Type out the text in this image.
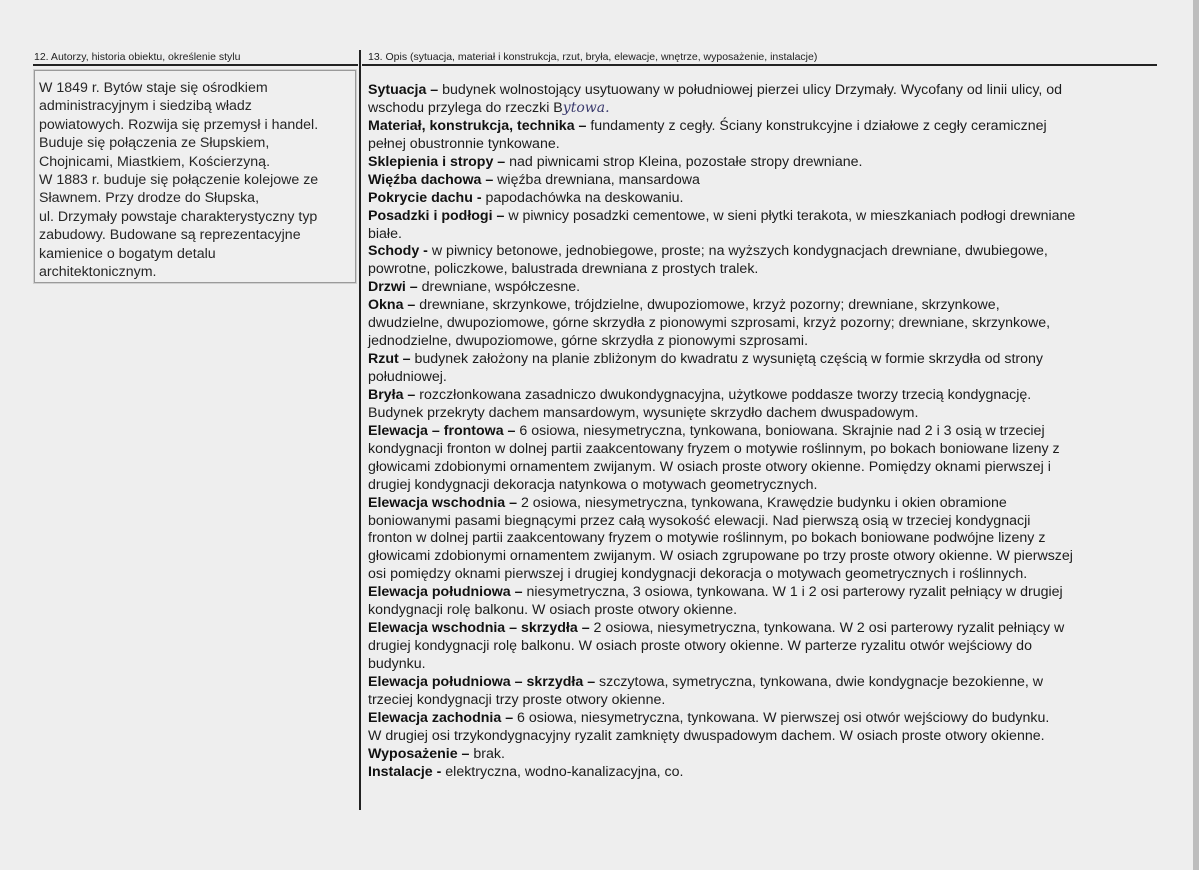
12. Autorzy, historia obiektu, określenie stylu	13. Opis (sytuacja, materiał i konstrukcja, rzut, bryła, elewacje, wnętrze, wyposażenie, instalacje)
W 1849 r. Bytów staje się ośrodkiem
administracyjnym i siedzibą władz
powiatowych. Rozwija się przemysł i handel.
Buduje się połączenia ze Słupskiem,
Chojnicami, Miastkiem, Kościerzyną.
W 1883 r. buduje się połączenie kolejowe ze
Sławnem. Przy drodze do Słupska,
ul. Drzymały powstaje charakterystyczny typ
zabudowy. Budowane są reprezentacyjne
kamienice o bogatym detalu
architektonicznym.
Sytuacja – budynek wolnostojący usytuowany w południowej pierzei ulicy Drzymały. Wycofany od linii ulicy, od
wschodu przylega do rzeczki Bytowa.
Materiał, konstrukcja, technika – fundamenty z cegły. Ściany konstrukcyjne i działowe z cegły ceramicznej
pełnej obustronnie tynkowane.
Sklepienia i stropy – nad piwnicami strop Kleina, pozostałe stropy drewniane.
Więźba dachowa – więźba drewniana, mansardowa
Pokrycie dachu - papodachówka na deskowaniu.
Posadzki i podłogi – w piwnicy posadzki cementowe, w sieni płytki terakota, w mieszkaniach podłogi drewniane
białe.
Schody - w piwnicy betonowe, jednobiegowe, proste; na wyższych kondygnacjach drewniane, dwubiegowe,
powrotne, policzkowe, balustrada drewniana z prostych tralek.
Drzwi – drewniane, współczesne.
Okna – drewniane, skrzynkowe, trójdzielne, dwupoziomowe, krzyż pozorny; drewniane, skrzynkowe,
dwudzielne, dwupoziomowe, górne skrzydła z pionowymi szprosami, krzyż pozorny; drewniane, skrzynkowe,
jednodzielne, dwupoziomowe, górne skrzydła z pionowymi szprosami.
Rzut – budynek założony na planie zbliżonym do kwadratu z wysuniętą częścią w formie skrzydła od strony
południowej.
Bryła – rozczłonkowana zasadniczo dwukondygnacyjna, użytkowe poddasze tworzy trzecią kondygnację.
Budynek przekryty dachem mansardowym, wysunięte skrzydło dachem dwuspadowym.
Elewacja – frontowa – 6 osiowa, niesymetryczna, tynkowana, boniowana. Skrajnie nad 2 i 3 osią w trzeciej
kondygnacji fronton w dolnej partii zaakcentowany fryzem o motywie roślinnym, po bokach boniowane lizeny z
głowicami zdobionymi ornamentem zwijanym. W osiach proste otwory okienne. Pomiędzy oknami pierwszej i
drugiej kondygnacji dekoracja natynkowa o motywach geometrycznych.
Elewacja wschodnia – 2 osiowa, niesymetryczna, tynkowana, Krawędzie budynku i okien obramione
boniowanymi pasami biegnącymi przez całą wysokość elewacji. Nad pierwszą osią w trzeciej kondygnacji
fronton w dolnej partii zaakcentowany fryzem o motywie roślinnym, po bokach boniowane podwójne lizeny z
głowicami zdobionymi ornamentem zwijanym. W osiach zgrupowane po trzy proste otwory okienne. W pierwszej
osi pomiędzy oknami pierwszej i drugiej kondygnacji dekoracja o motywach geometrycznych i roślinnych.
Elewacja południowa – niesymetryczna, 3 osiowa, tynkowana. W 1 i 2 osi parterowy ryzalit pełniący w drugiej
kondygnacji rolę balkonu. W osiach proste otwory okienne.
Elewacja wschodnia – skrzydła – 2 osiowa, niesymetryczna, tynkowana. W 2 osi parterowy ryzalit pełniący w
drugiej kondygnacji rolę balkonu. W osiach proste otwory okienne. W parterze ryzalitu otwór wejściowy do
budynku.
Elewacja południowa – skrzydła – szczytowa, symetryczna, tynkowana, dwie kondygnacje bezokienne, w
trzeciej kondygnacji trzy proste otwory okienne.
Elewacja zachodnia – 6 osiowa, niesymetryczna, tynkowana. W pierwszej osi otwór wejściowy do budynku.
W drugiej osi trzykondygnacyjny ryzalit zamknięty dwuspadowym dachem. W osiach proste otwory okienne.
Wyposażenie – brak.
Instalacje - elektryczna, wodno-kanalizacyjna, co.
